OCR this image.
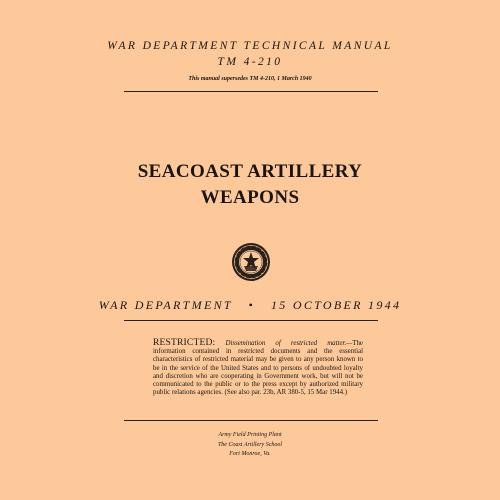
WAR DEPARTMENT TECHNICAL MANUAL
TM 4-210
This manual supersedes TM 4-210, 1 March 1940
SEACOAST ARTILLERY
WEAPONS
WAR DEPARTMENT • 15 OCTOBER 1944
RESTRICTED: Dissemination of restricted matter.—The information contained in restricted documents and the essential characteristics of restricted material may be given to any person known to be in the service of the United States and to persons of undoubted loyalty and discretion who are cooperating in Government work, but will not be communicated to the public or to the press except by authorized military public relations agencies. (See also par. 23b, AR 380-5, 15 Mar 1944.)
Army Field Printing Plant
The Coast Artillery School
Fort Monroe, Va.
